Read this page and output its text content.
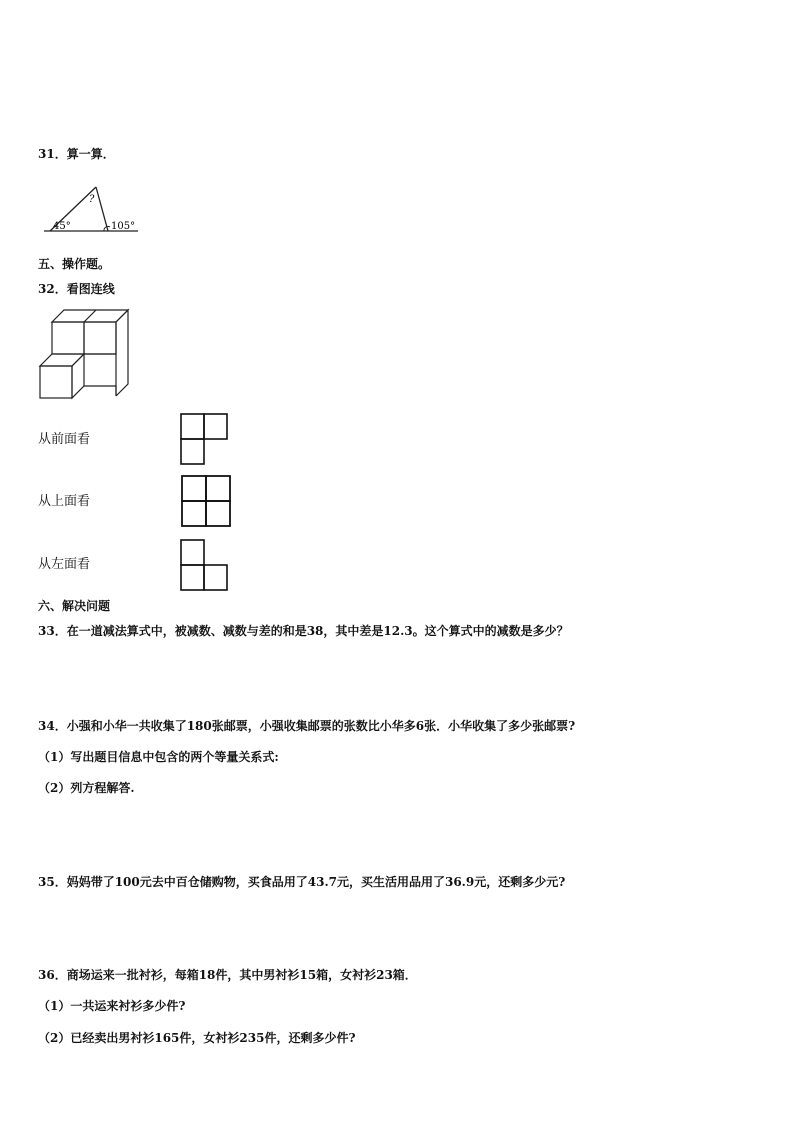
31．算一算．
?
45°	105°
五、操作题。
32．看图连线
从前面看
从上面看
从左面看
六、解决问题
33．在一道减法算式中，被减数、减数与差的和是38，其中差是12.3。这个算式中的减数是多少？
34．小强和小华一共收集了180张邮票，小强收集邮票的张数比小华多6张．小华收集了多少张邮票?
（1）写出题目信息中包含的两个等量关系式:
（2）列方程解答.
35．妈妈带了100元去中百仓储购物，买食品用了43.7元，买生活用品用了36.9元，还剩多少元?
36．商场运来一批衬衫，每箱18件，其中男衬衫15箱，女衬衫23箱．
（1）一共运来衬衫多少件?
（2）已经卖出男衬衫165件，女衬衫235件，还剩多少件?
